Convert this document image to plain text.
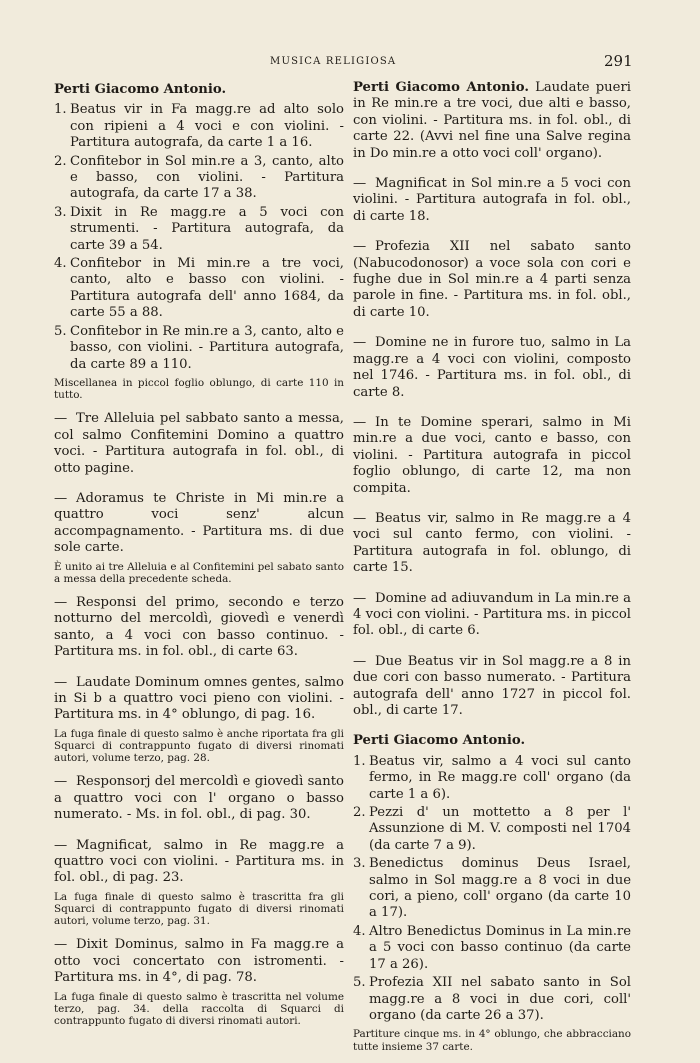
MUSICA RELIGIOSA	291
Perti Giacomo Antonio.
1. Beatus vir in Fa magg.re ad alto solo con ripieni a 4 voci e con violini. - Partitura autografa, da carte 1 a 16.
2. Confitebor in Sol min.re a 3, canto, alto e basso, con violini. - Partitura autografa, da carte 17 a 38.
3. Dixit in Re magg.re a 5 voci con strumenti. - Partitura autografa, da carte 39 a 54.
4. Confitebor in Mi min.re a tre voci, canto, alto e basso con violini. - Partitura autografa dell' anno 1684, da carte 55 a 88.
5. Confitebor in Re min.re a 3, canto, alto e basso, con violini. - Partitura autografa, da carte 89 a 110.
Miscellanea in piccol foglio oblungo, di carte 110 in tutto.
— Tre Alleluia pel sabbato santo a messa, col salmo Confitemini Domino a quattro voci. - Partitura autografa in fol. obl., di otto pagine.
— Adoramus te Christe in Mi min.re a quattro voci senz' alcun accompagnamento. - Partitura ms. di due sole carte.
È unito ai tre Alleluia e al Confitemini pel sabato santo a messa della precedente scheda.
— Responsi del primo, secondo e terzo notturno del mercoldì, giovedì e venerdì santo, a 4 voci con basso continuo. - Partitura ms. in fol. obl., di carte 63.
— Laudate Dominum omnes gentes, salmo in Si b a quattro voci pieno con violini. - Partitura ms. in 4° oblungo, di pag. 16.
La fuga finale di questo salmo è anche riportata fra gli Squarci di contrappunto fugato di diversi rinomati autori, volume terzo, pag. 28.
— Responsorj del mercoldì e giovedì santo a quattro voci con l' organo o basso numerato. - Ms. in fol. obl., di pag. 30.
— Magnificat, salmo in Re magg.re a quattro voci con violini. - Partitura ms. in fol. obl., di pag. 23.
La fuga finale di questo salmo è trascritta fra gli Squarci di contrappunto fugato di diversi rinomati autori, volume terzo, pag. 31.
— Dixit Dominus, salmo in Fa magg.re a otto voci concertato con istromenti. - Partitura ms. in 4°, di pag. 78.
La fuga finale di questo salmo è trascritta nel volume terzo, pag. 34. della raccolta di Squarci di contrappunto fugato di diversi rinomati autori.
Perti Giacomo Antonio. Laudate pueri in Re min.re a tre voci, due alti e basso, con violini. - Partitura ms. in fol. obl., di carte 22. (Avvi nel fine una Salve regina in Do min.re a otto voci coll' organo).
— Magnificat in Sol min.re a 5 voci con violini. - Partitura autografa in fol. obl., di carte 18.
— Profezia XII nel sabato santo (Nabucodonosor) a voce sola con cori e fughe due in Sol min.re a 4 parti senza parole in fine. - Partitura ms. in fol. obl., di carte 10.
— Domine ne in furore tuo, salmo in La magg.re a 4 voci con violini, composto nel 1746. - Partitura ms. in fol. obl., di carte 8.
— In te Domine sperari, salmo in Mi min.re a due voci, canto e basso, con violini. - Partitura autografa in piccol foglio oblungo, di carte 12, ma non compita.
— Beatus vir, salmo in Re magg.re a 4 voci sul canto fermo, con violini. - Partitura autografa in fol. oblungo, di carte 15.
— Domine ad adiuvandum in La min.re a 4 voci con violini. - Partitura ms. in piccol fol. obl., di carte 6.
— Due Beatus vir in Sol magg.re a 8 in due cori con basso numerato. - Partitura autografa dell' anno 1727 in piccol fol. obl., di carte 17.
Perti Giacomo Antonio.
1. Beatus vir, salmo a 4 voci sul canto fermo, in Re magg.re coll' organo (da carte 1 a 6).
2. Pezzi d' un mottetto a 8 per l' Assunzione di M. V. composti nel 1704 (da carte 7 a 9).
3. Benedictus dominus Deus Israel, salmo in Sol magg.re a 8 voci in due cori, a pieno, coll' organo (da carte 10 a 17).
4. Altro Benedictus Dominus in La min.re a 5 voci con basso continuo (da carte 17 a 26).
5. Profezia XII nel sabato santo in Sol magg.re a 8 voci in due cori, coll' organo (da carte 26 a 37).
Partiture cinque ms. in 4° oblungo, che abbracciano tutte insieme 37 carte.
